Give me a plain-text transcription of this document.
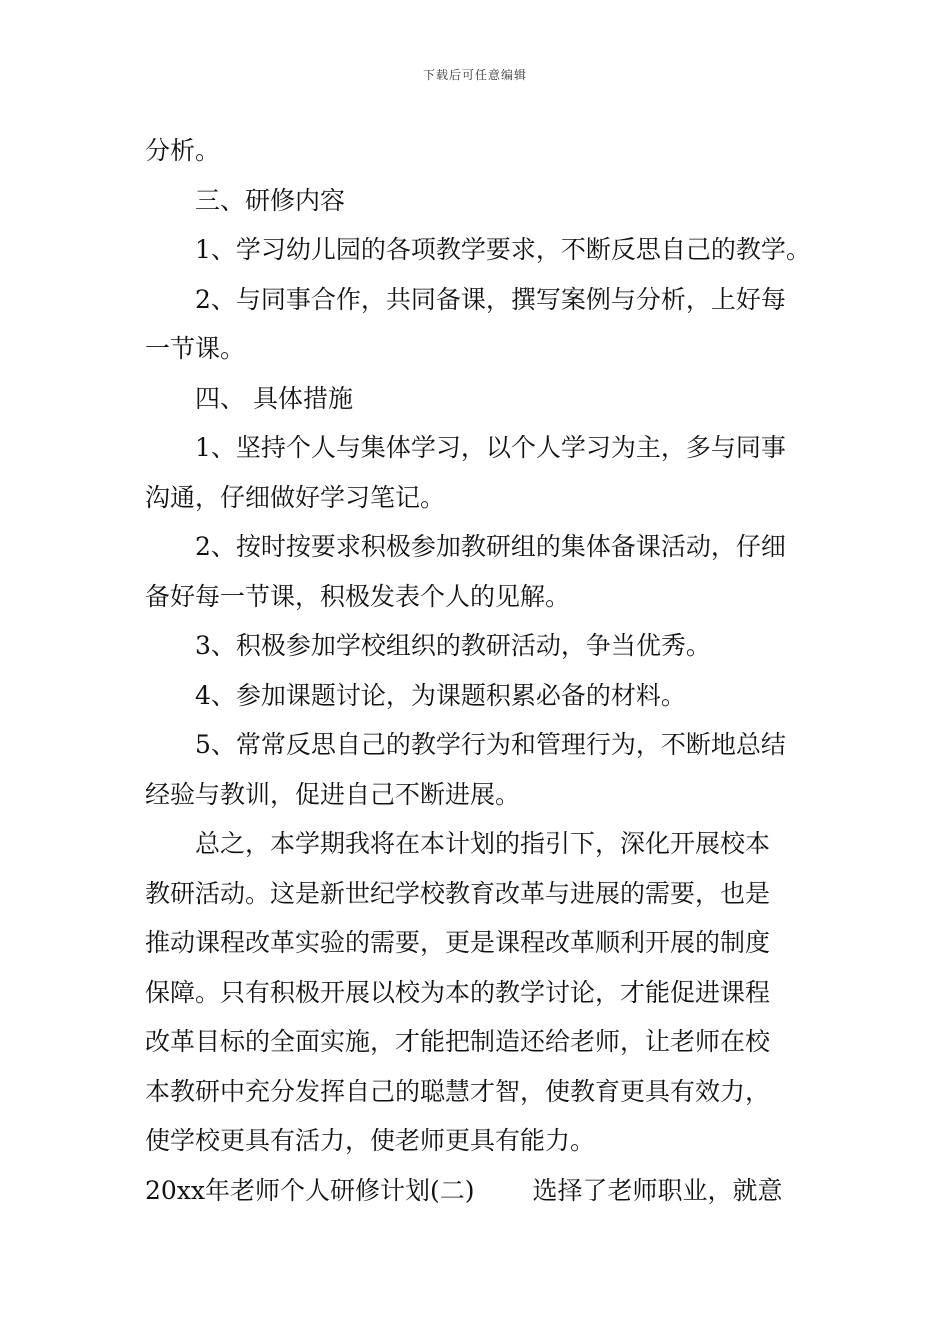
下载后可任意编辑

分析。

三、研修内容

1、学习幼儿园的各项教学要求，不断反思自己的教学。

2、与同事合作，共同备课，撰写案例与分析，上好每

一节课。

四、 具体措施

1、坚持个人与集体学习，以个人学习为主，多与同事

沟通，仔细做好学习笔记。

2、按时按要求积极参加教研组的集体备课活动，仔细

备好每一节课，积极发表个人的见解。

3、积极参加学校组织的教研活动，争当优秀。

4、参加课题讨论，为课题积累必备的材料。

5、常常反思自己的教学行为和管理行为，不断地总结

经验与教训，促进自己不断进展。

总之，本学期我将在本计划的指引下，深化开展校本

教研活动。这是新世纪学校教育改革与进展的需要，也是

推动课程改革实验的需要，更是课程改革顺利开展的制度

保障。只有积极开展以校为本的教学讨论，才能促进课程

改革目标的全面实施，才能把制造还给老师，让老师在校

本教研中充分发挥自己的聪慧才智，使教育更具有效力，

使学校更具有活力，使老师更具有能力。

20xx年老师个人研修计划(二) 选择了老师职业，就意
